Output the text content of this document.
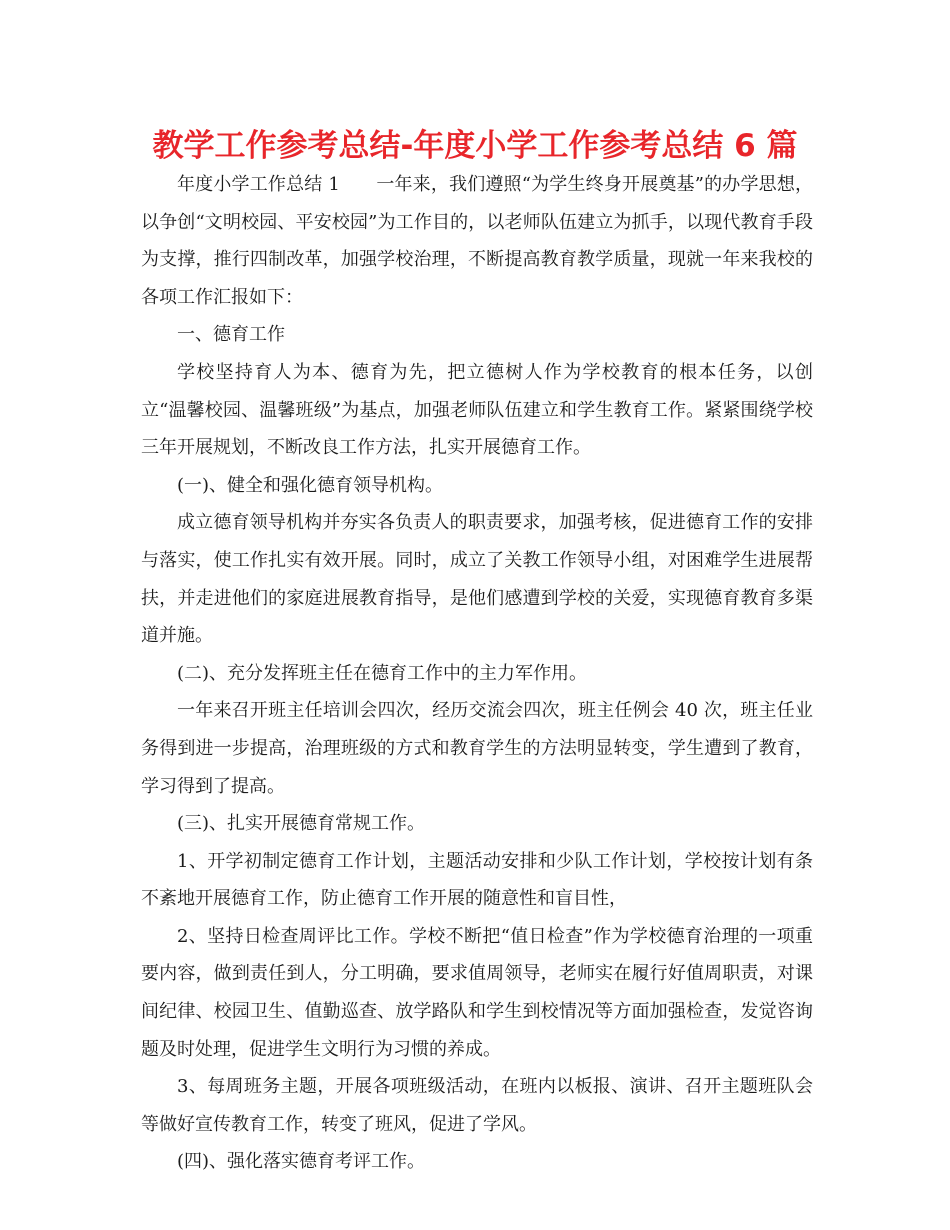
教学工作参考总结-年度小学工作参考总结 6 篇

年度小学工作总结 1　　一年来，我们遵照“为学生终身开展奠基”的办学思想，以争创“文明校园、平安校园”为工作目的，以老师队伍建立为抓手，以现代教育手段为支撑，推行四制改革，加强学校治理，不断提高教育教学质量，现就一年来我校的各项工作汇报如下：

一、德育工作

学校坚持育人为本、德育为先，把立德树人作为学校教育的根本任务，以创立“温馨校园、温馨班级”为基点，加强老师队伍建立和学生教育工作。紧紧围绕学校三年开展规划，不断改良工作方法，扎实开展德育工作。

(一)、健全和强化德育领导机构。

成立德育领导机构并夯实各负责人的职责要求，加强考核，促进德育工作的安排与落实，使工作扎实有效开展。同时，成立了关教工作领导小组，对困难学生进展帮扶，并走进他们的家庭进展教育指导，是他们感遭到学校的关爱，实现德育教育多渠道并施。

(二)、充分发挥班主任在德育工作中的主力军作用。

一年来召开班主任培训会四次，经历交流会四次，班主任例会 40 次，班主任业务得到进一步提高，治理班级的方式和教育学生的方法明显转变，学生遭到了教育，学习得到了提高。

(三)、扎实开展德育常规工作。

1、开学初制定德育工作计划，主题活动安排和少队工作计划，学校按计划有条不紊地开展德育工作，防止德育工作开展的随意性和盲目性，

2、坚持日检查周评比工作。学校不断把“值日检查”作为学校德育治理的一项重要内容，做到责任到人，分工明确，要求值周领导，老师实在履行好值周职责，对课间纪律、校园卫生、值勤巡查、放学路队和学生到校情况等方面加强检查，发觉咨询题及时处理，促进学生文明行为习惯的养成。

3、每周班务主题，开展各项班级活动，在班内以板报、演讲、召开主题班队会等做好宣传教育工作，转变了班风，促进了学风。

(四)、强化落实德育考评工作。
